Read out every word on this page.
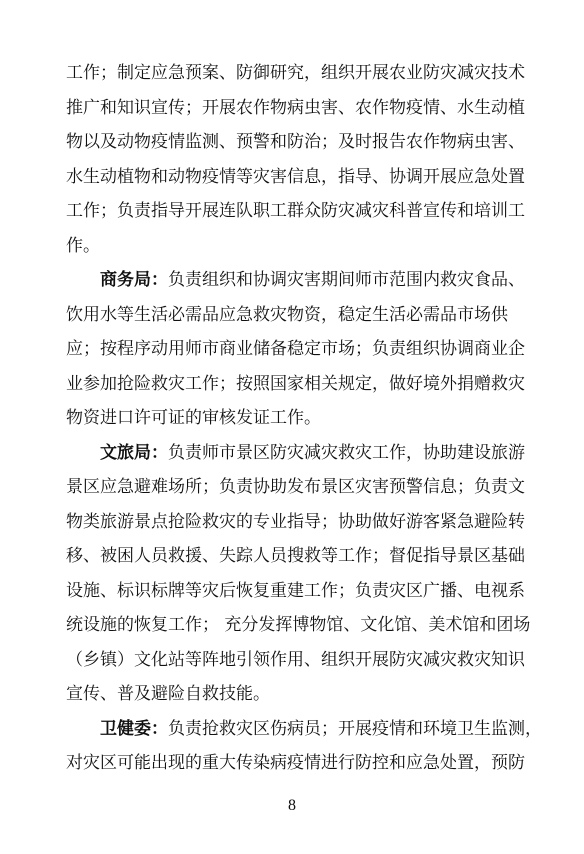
工作；制定应急预案、防御研究，组织开展农业防灾减灾技术
推广和知识宣传；开展农作物病虫害、农作物疫情、水生动植
物以及动物疫情监测、预警和防治；及时报告农作物病虫害、
水生动植物和动物疫情等灾害信息，指导、协调开展应急处置
工作；负责指导开展连队职工群众防灾减灾科普宣传和培训工
作。
商务局：负责组织和协调灾害期间师市范围内救灾食品、
饮用水等生活必需品应急救灾物资，稳定生活必需品市场供
应；按程序动用师市商业储备稳定市场；负责组织协调商业企
业参加抢险救灾工作；按照国家相关规定，做好境外捐赠救灾
物资进口许可证的审核发证工作。
文旅局：负责师市景区防灾减灾救灾工作，协助建设旅游
景区应急避难场所；负责协助发布景区灾害预警信息；负责文
物类旅游景点抢险救灾的专业指导；协助做好游客紧急避险转
移、被困人员救援、失踪人员搜救等工作；督促指导景区基础
设施、标识标牌等灾后恢复重建工作；负责灾区广播、电视系
统设施的恢复工作； 充分发挥博物馆、文化馆、美术馆和团场
（乡镇）文化站等阵地引领作用、组织开展防灾减灾救灾知识
宣传、普及避险自救技能。
卫健委：负责抢救灾区伤病员；开展疫情和环境卫生监测，
对灾区可能出现的重大传染病疫情进行防控和应急处置，预防
8
